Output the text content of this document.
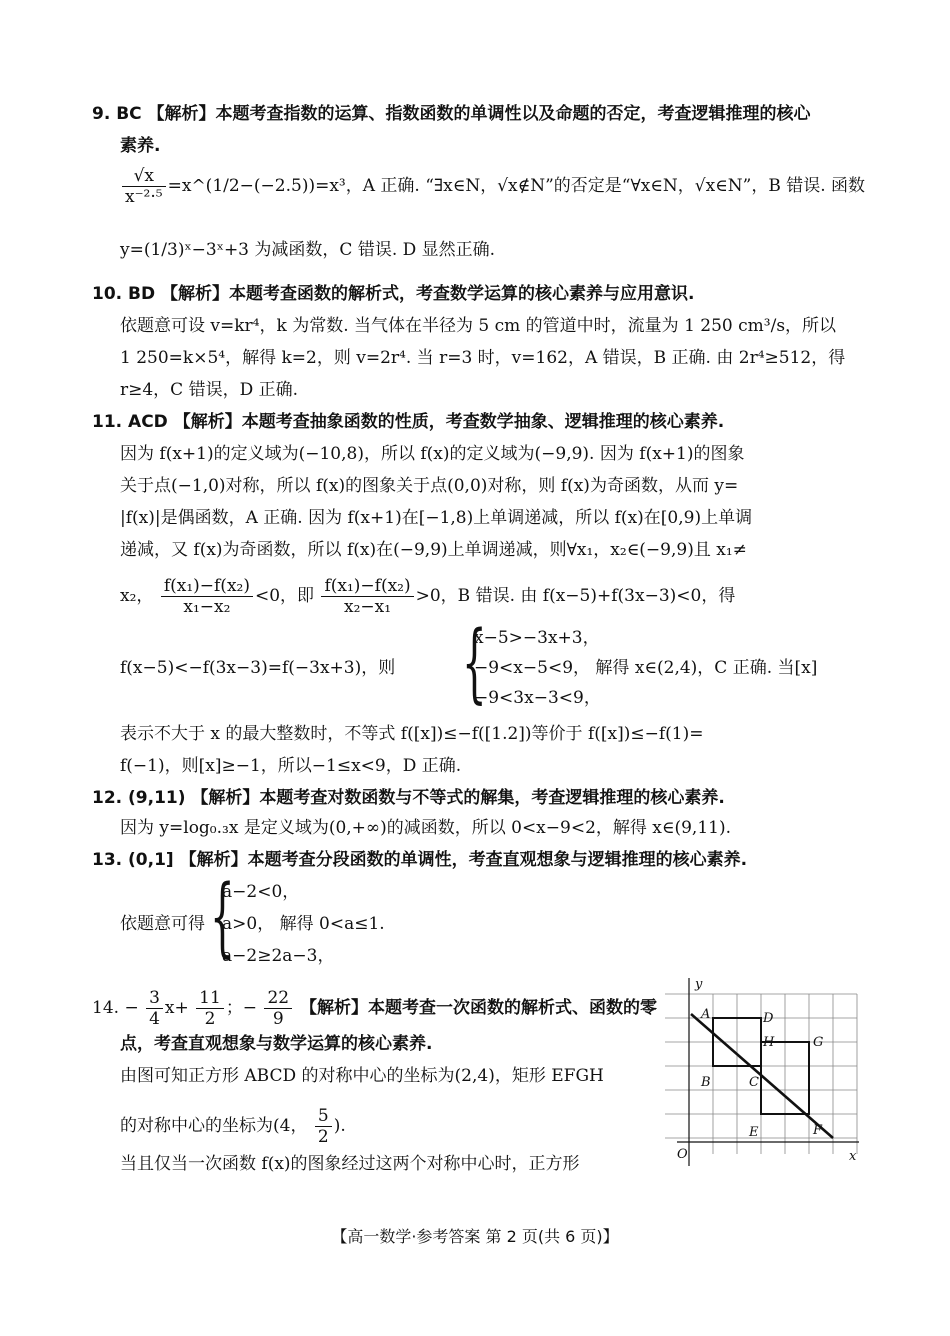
9. BC 【解析】本题考查指数的运算、指数函数的单调性以及命题的否定，考查逻辑推理的核心
素养.
$\frac{√x}{\text{x⁻²·⁵}}$ =x^(1/2−(−2.5))=x³，A 正确. “∃x∈N，√x∉N”的否定是“∀x∈N，√x∈N”，B 错误. 函数
y=(1/3)ˣ−3ˣ+3 为减函数，C 错误. D 显然正确.
10. BD 【解析】本题考查函数的解析式，考查数学运算的核心素养与应用意识.
依题意可设 v=kr⁴，k 为常数. 当气体在半径为 5 cm 的管道中时，流量为 1 250 cm³/s，所以
1 250=k×5⁴，解得 k=2，则 v=2r⁴. 当 r=3 时，v=162，A 错误，B 正确. 由 2r⁴≥512，得
r≥4，C 错误，D 正确.
11. ACD 【解析】本题考查抽象函数的性质，考查数学抽象、逻辑推理的核心素养.
因为 f(x+1)的定义域为(−10,8)，所以 f(x)的定义域为(−9,9). 因为 f(x+1)的图象
关于点(−1,0)对称，所以 f(x)的图象关于点(0,0)对称，则 f(x)为奇函数，从而 y=
|f(x)|是偶函数，A 正确. 因为 f(x+1)在[−1,8)上单调递减，所以 f(x)在[0,9)上单调
递减，又 f(x)为奇函数，所以 f(x)在(−9,9)上单调递减，则∀x₁，x₂∈(−9,9)且 x₁≠
x₂， $\frac{\text{f(x₁)−f(x₂)}}{\text{x₁−x₂}} <0$，即 $\frac{\text{f(x₁)−f(x₂)}}{\text{x₂−x₁}} >0$，B 错误. 由 f(x−5)+f(3x−3)<0，得
f(x−5)<−f(3x−3)=f(−3x+3)，则 {
x−5>−3x+3，
−9<x−5<9， 解得 x∈(2,4)，C 正确. 当[x]
−9<3x−3<9，
表示不大于 x 的最大整数时，不等式 f([x])≤−f([1.2])等价于 f([x])≤−f(1)=
f(−1)，则[x]≥−1，所以−1≤x<9，D 正确.
12. (9,11) 【解析】本题考查对数函数与不等式的解集，考查逻辑推理的核心素养.
因为 y=log₀.₃x 是定义域为(0,+∞)的减函数，所以 0<x−9<2，解得 x∈(9,11).
13. (0,1] 【解析】本题考查分段函数的单调性，考查直观想象与逻辑推理的核心素养.
{
a−2<0，
依题意可得 a>0， 解得 0<a≤1.
a−2≥2a−3，
14. − $\frac{3}{4} x+ \frac{11}{2}$ ；− $\frac{22}{9}$ 【解析】本题考查一次函数的解析式、函数的零
点，考查直观想象与数学运算的核心素养.
由图可知正方形 ABCD 的对称中心的坐标为(2,4)，矩形 EFGH
的对称中心的坐标为(4， $\frac{5}{2}$ ).
当且仅当一次函数 f(x)的图象经过这两个对称中心时，正方形
y
x
O
A
B	C
D
E	F
G
H
【高一数学·参考答案 第 2 页(共 6 页)】
